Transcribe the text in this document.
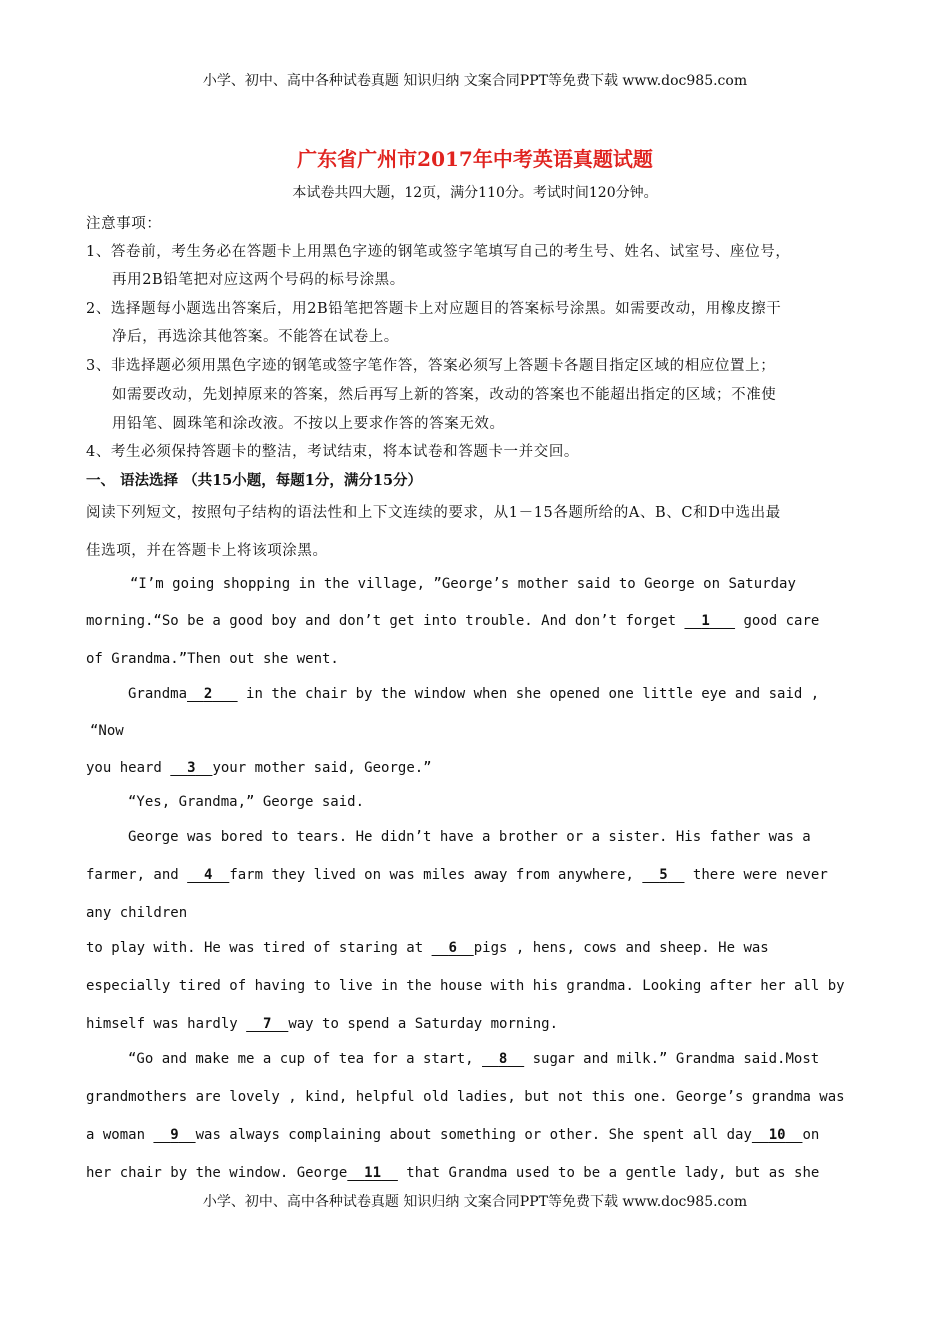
小学、初中、高中各种试卷真题 知识归纳 文案合同PPT等免费下载 www.doc985.com
广东省广州市2017年中考英语真题试题
本试卷共四大题，12页，满分110分。考试时间120分钟。
注意事项：
1、答卷前，考生务必在答题卡上用黑色字迹的钢笔或签字笔填写自己的考生号、姓名、试室号、座位号，
再用2B铅笔把对应这两个号码的标号涂黑。
2、选择题每小题选出答案后，用2B铅笔把答题卡上对应题目的答案标号涂黑。如需要改动，用橡皮擦干
净后，再选涂其他答案。不能答在试卷上。
3、非选择题必须用黑色字迹的钢笔或签字笔作答，答案必须写上答题卡各题目指定区域的相应位置上；
如需要改动，先划掉原来的答案，然后再写上新的答案，改动的答案也不能超出指定的区域；不准使
用铅笔、圆珠笔和涂改液。不按以上要求作答的答案无效。
4、考生必须保持答题卡的整洁，考试结束，将本试卷和答题卡一并交回。
一、 语法选择 （共15小题，每题1分，满分15分）
阅读下列短文，按照句子结构的语法性和上下文连续的要求，从1－15各题所给的A、B、C和D中选出最
佳选项，并在答题卡上将该项涂黑。
“I’m going shopping in the village, ”George’s mother said to George on Saturday
morning.“So be a good boy and don’t get into trouble. And don’t forget   1    good care
of Grandma.”Then out she went.
Grandma 2    in the chair by the window when she opened one little eye and said ,
“Now
you heard   3 your mother said, George.”
“Yes, Grandma,” George said.
George was bored to tears. He didn’t have a brother or a sister. His father was a
farmer, and   4 farm they lived on was miles away from anywhere,   5   there were never
any children
to play with. He was tired of staring at   6 pigs , hens, cows and sheep. He was
especially tired of having to live in the house with his grandma. Looking after her all by
himself was hardly   7 way to spend a Saturday morning.
“Go and make me a cup of tea for a start,   8   sugar and milk.” Grandma said.Most
grandmothers are lovely , kind, helpful old ladies, but not this one. George’s grandma was
a woman   9 was always complaining about something or other. She spent all day 10 on
her chair by the window. George 11   that Grandma used to be a gentle lady, but as she
小学、初中、高中各种试卷真题 知识归纳 文案合同PPT等免费下载 www.doc985.com
